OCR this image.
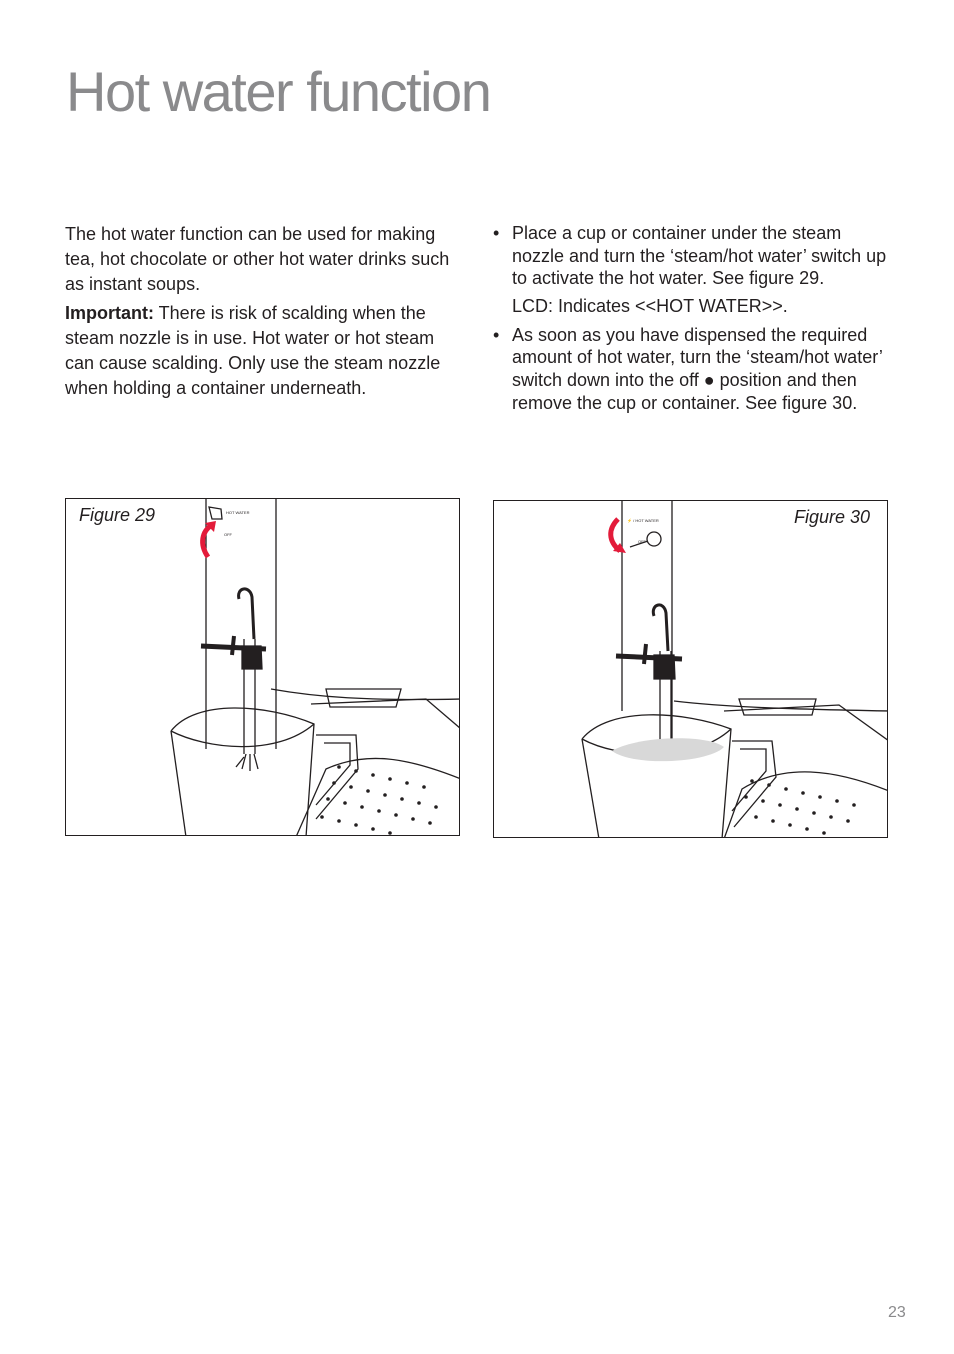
Hot water function

The hot water function can be used for making tea, hot chocolate or other hot water drinks such as instant soups.

Important: There is risk of scalding when the steam nozzle is in use. Hot water or hot steam can cause scalding. Only use the steam nozzle when holding a container underneath.

• Place a cup or container under the steam nozzle and turn the ‘steam/hot water’ switch up to activate the hot water. See figure 29.

LCD: Indicates <<HOT WATER>>.

• As soon as you have dispensed the required amount of hot water, turn the ‘steam/hot water’ switch down into the off ● position and then remove the cup or container. See figure 30.

HOT WATER
OFF
Figure 29	⚡ / HOT WATER
OFF
Figure 30
23
